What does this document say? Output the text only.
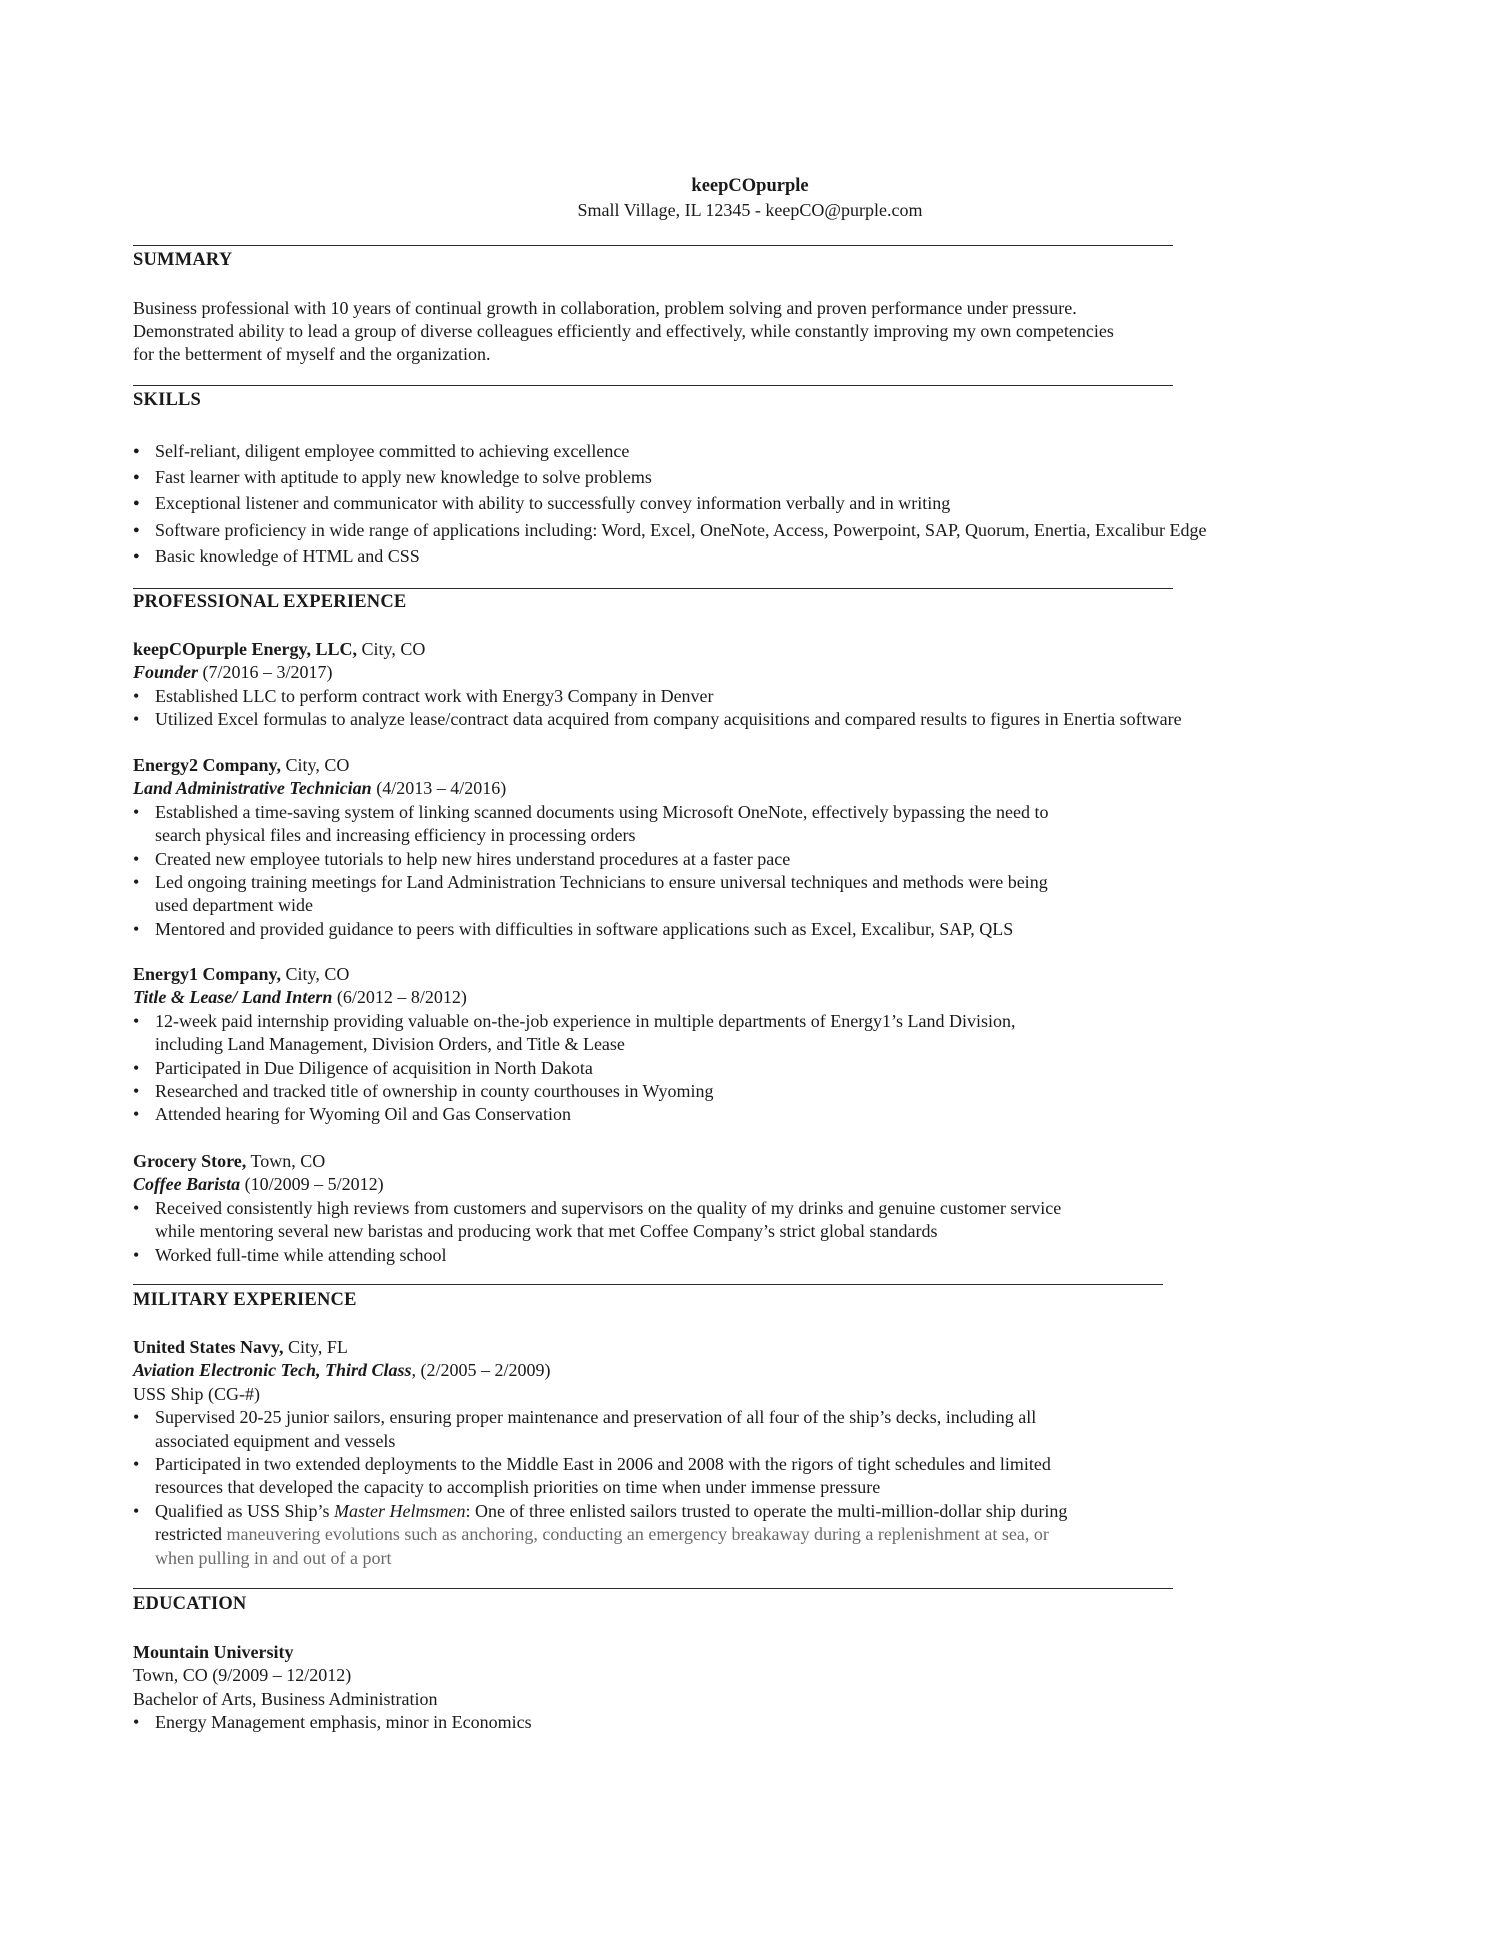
keepCOpurple
Small Village, IL 12345 - keepCO@purple.com
SUMMARY

Business professional with 10 years of continual growth in collaboration, problem solving and proven performance under pressure.

Demonstrated ability to lead a group of diverse colleagues efficiently and effectively, while constantly improving my own competencies

for the betterment of myself and the organization.

SKILLS
● Self-reliant, diligent employee committed to achieving excellence
● Fast learner with aptitude to apply new knowledge to solve problems
● Exceptional listener and communicator with ability to successfully convey information verbally and in writing
● Software proficiency in wide range of applications including: Word, Excel, OneNote, Access, Powerpoint, SAP, Quorum, Enertia, Excalibur Edge
● Basic knowledge of HTML and CSS
PROFESSIONAL EXPERIENCE
keepCOpurple Energy, LLC, City, CO
Founder (7/2016 – 3/2017)
• Established LLC to perform contract work with Energy3 Company in Denver
• Utilized Excel formulas to analyze lease/contract data acquired from company acquisitions and compared results to figures in Enertia software
Energy2 Company, City, CO
Land Administrative Technician (4/2013 – 4/2016)
• Established a time-saving system of linking scanned documents using Microsoft OneNote, effectively bypassing the need to
search physical files and increasing efficiency in processing orders
• Created new employee tutorials to help new hires understand procedures at a faster pace
• Led ongoing training meetings for Land Administration Technicians to ensure universal techniques and methods were being
used department wide
• Mentored and provided guidance to peers with difficulties in software applications such as Excel, Excalibur, SAP, QLS
Energy1 Company, City, CO
Title & Lease/ Land Intern (6/2012 – 8/2012)
• 12-week paid internship providing valuable on-the-job experience in multiple departments of Energy1’s Land Division,
including Land Management, Division Orders, and Title & Lease
• Participated in Due Diligence of acquisition in North Dakota
• Researched and tracked title of ownership in county courthouses in Wyoming
• Attended hearing for Wyoming Oil and Gas Conservation
Grocery Store, Town, CO
Coffee Barista (10/2009 – 5/2012)
• Received consistently high reviews from customers and supervisors on the quality of my drinks and genuine customer service
while mentoring several new baristas and producing work that met Coffee Company’s strict global standards
• Worked full-time while attending school
MILITARY EXPERIENCE
United States Navy, City, FL
Aviation Electronic Tech, Third Class, (2/2005 – 2/2009)
USS Ship (CG-#)
• Supervised 20-25 junior sailors, ensuring proper maintenance and preservation of all four of the ship’s decks, including all
associated equipment and vessels
• Participated in two extended deployments to the Middle East in 2006 and 2008 with the rigors of tight schedules and limited
resources that developed the capacity to accomplish priorities on time when under immense pressure
• Qualified as USS Ship’s Master Helmsmen: One of three enlisted sailors trusted to operate the multi-million-dollar ship during
restricted maneuvering evolutions such as anchoring, conducting an emergency breakaway during a replenishment at sea, or
when pulling in and out of a port
EDUCATION
Mountain University
Town, CO (9/2009 – 12/2012)
Bachelor of Arts, Business Administration
• Energy Management emphasis, minor in Economics
